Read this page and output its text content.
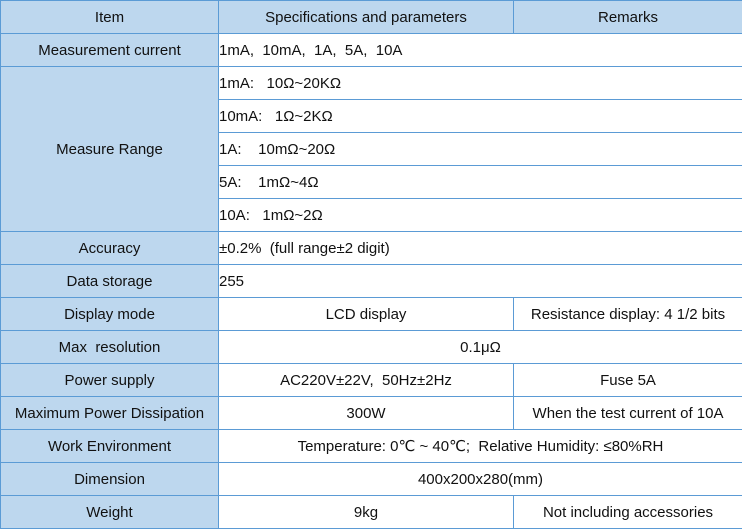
Item	Specifications and parameters	Remarks
Measurement current	1mA,  10mA,  1A,  5A,  10A	
Measure Range	1mA:   10Ω~20KΩ	
	10mA:   1Ω~2KΩ	
	1A:    10mΩ~20Ω	
	5A:    1mΩ~4Ω	
	10A:   1mΩ~2Ω	
Accuracy	±0.2%  (full range±2 digit)	
Data storage	255	
Display mode	LCD display	Resistance display: 4 1/2 bits
Max  resolution	0.1μΩ	
Power supply	AC220V±22V,  50Hz±2Hz	Fuse 5A
Maximum Power Dissipation	300W	When the test current of 10A
Work Environment	Temperature: 0℃ ~ 40℃;  Relative Humidity: ≤80%RH	
Dimension	400x200x280(mm)	
Weight	9kg	Not including accessories
